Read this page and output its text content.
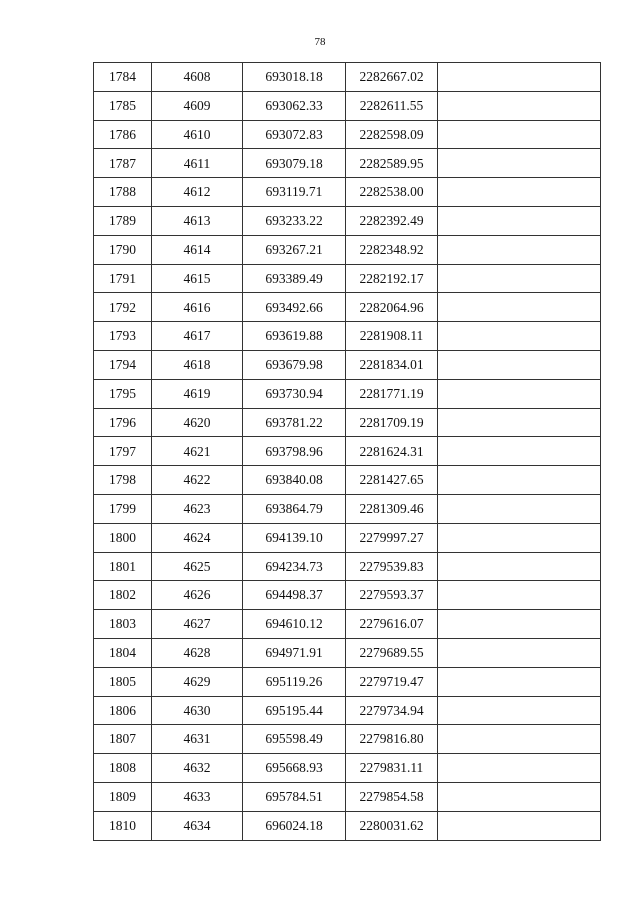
78
1784	4608	693018.18	2282667.02	
1785	4609	693062.33	2282611.55	
1786	4610	693072.83	2282598.09	
1787	4611	693079.18	2282589.95	
1788	4612	693119.71	2282538.00	
1789	4613	693233.22	2282392.49	
1790	4614	693267.21	2282348.92	
1791	4615	693389.49	2282192.17	
1792	4616	693492.66	2282064.96	
1793	4617	693619.88	2281908.11	
1794	4618	693679.98	2281834.01	
1795	4619	693730.94	2281771.19	
1796	4620	693781.22	2281709.19	
1797	4621	693798.96	2281624.31	
1798	4622	693840.08	2281427.65	
1799	4623	693864.79	2281309.46	
1800	4624	694139.10	2279997.27	
1801	4625	694234.73	2279539.83	
1802	4626	694498.37	2279593.37	
1803	4627	694610.12	2279616.07	
1804	4628	694971.91	2279689.55	
1805	4629	695119.26	2279719.47	
1806	4630	695195.44	2279734.94	
1807	4631	695598.49	2279816.80	
1808	4632	695668.93	2279831.11	
1809	4633	695784.51	2279854.58	
1810	4634	696024.18	2280031.62	
